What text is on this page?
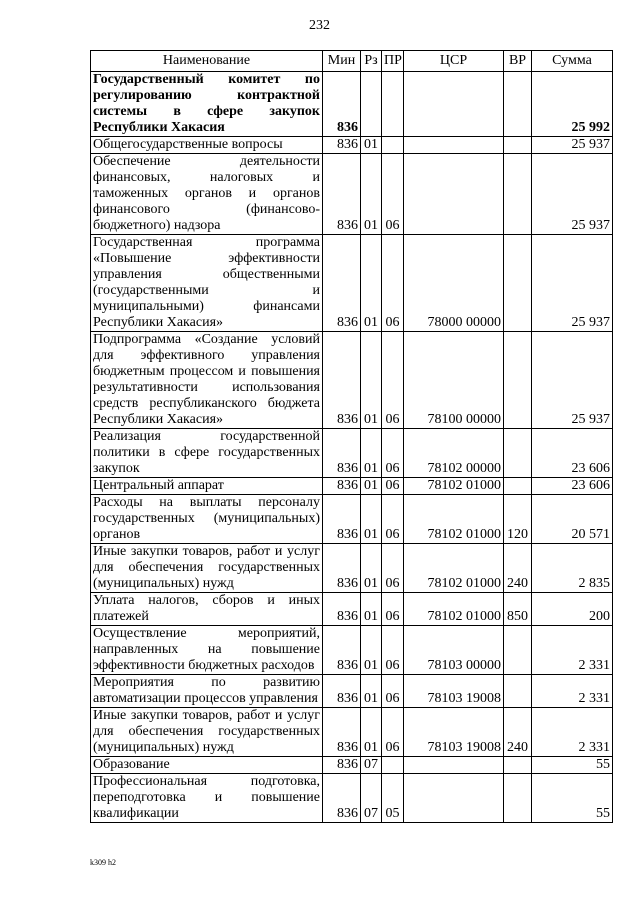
232
Наименование	Мин	Рз	ПР	ЦСР	ВР	Сумма
Государственный комитет по регулированию контрактной системы в сфере закупок Республики Хакасия	836					25 992
Общегосударственные вопросы	836	01				25 937
Обеспечение деятельности финансовых, налоговых и таможенных органов и органов финансового (финансово-бюджетного) надзора	836	01	06			25 937
Государственная программа «Повышение эффективности управления общественными (государственными и муниципальными) финансами Республики Хакасия»	836	01	06	78000 00000		25 937
Подпрограмма «Создание условий для эффективного управления бюджетным процессом и повышения результативности использования средств республиканского бюджета Республики Хакасия»	836	01	06	78100 00000		25 937
Реализация государственной политики в сфере государственных закупок	836	01	06	78102 00000		23 606
Центральный аппарат	836	01	06	78102 01000		23 606
Расходы на выплаты персоналу государственных (муниципальных) органов	836	01	06	78102 01000	120	20 571
Иные закупки товаров, работ и услуг для обеспечения государственных (муниципальных) нужд	836	01	06	78102 01000	240	2 835
Уплата налогов, сборов и иных платежей	836	01	06	78102 01000	850	200
Осуществление мероприятий, направленных на повышение эффективности бюджетных расходов	836	01	06	78103 00000		2 331
Мероприятия по развитию автоматизации процессов управления	836	01	06	78103 19008		2 331
Иные закупки товаров, работ и услуг для обеспечения государственных (муниципальных) нужд	836	01	06	78103 19008	240	2 331
Образование	836	07				55
Профессиональная подготовка, переподготовка и повышение квалификации	836	07	05			55
k309 h2
